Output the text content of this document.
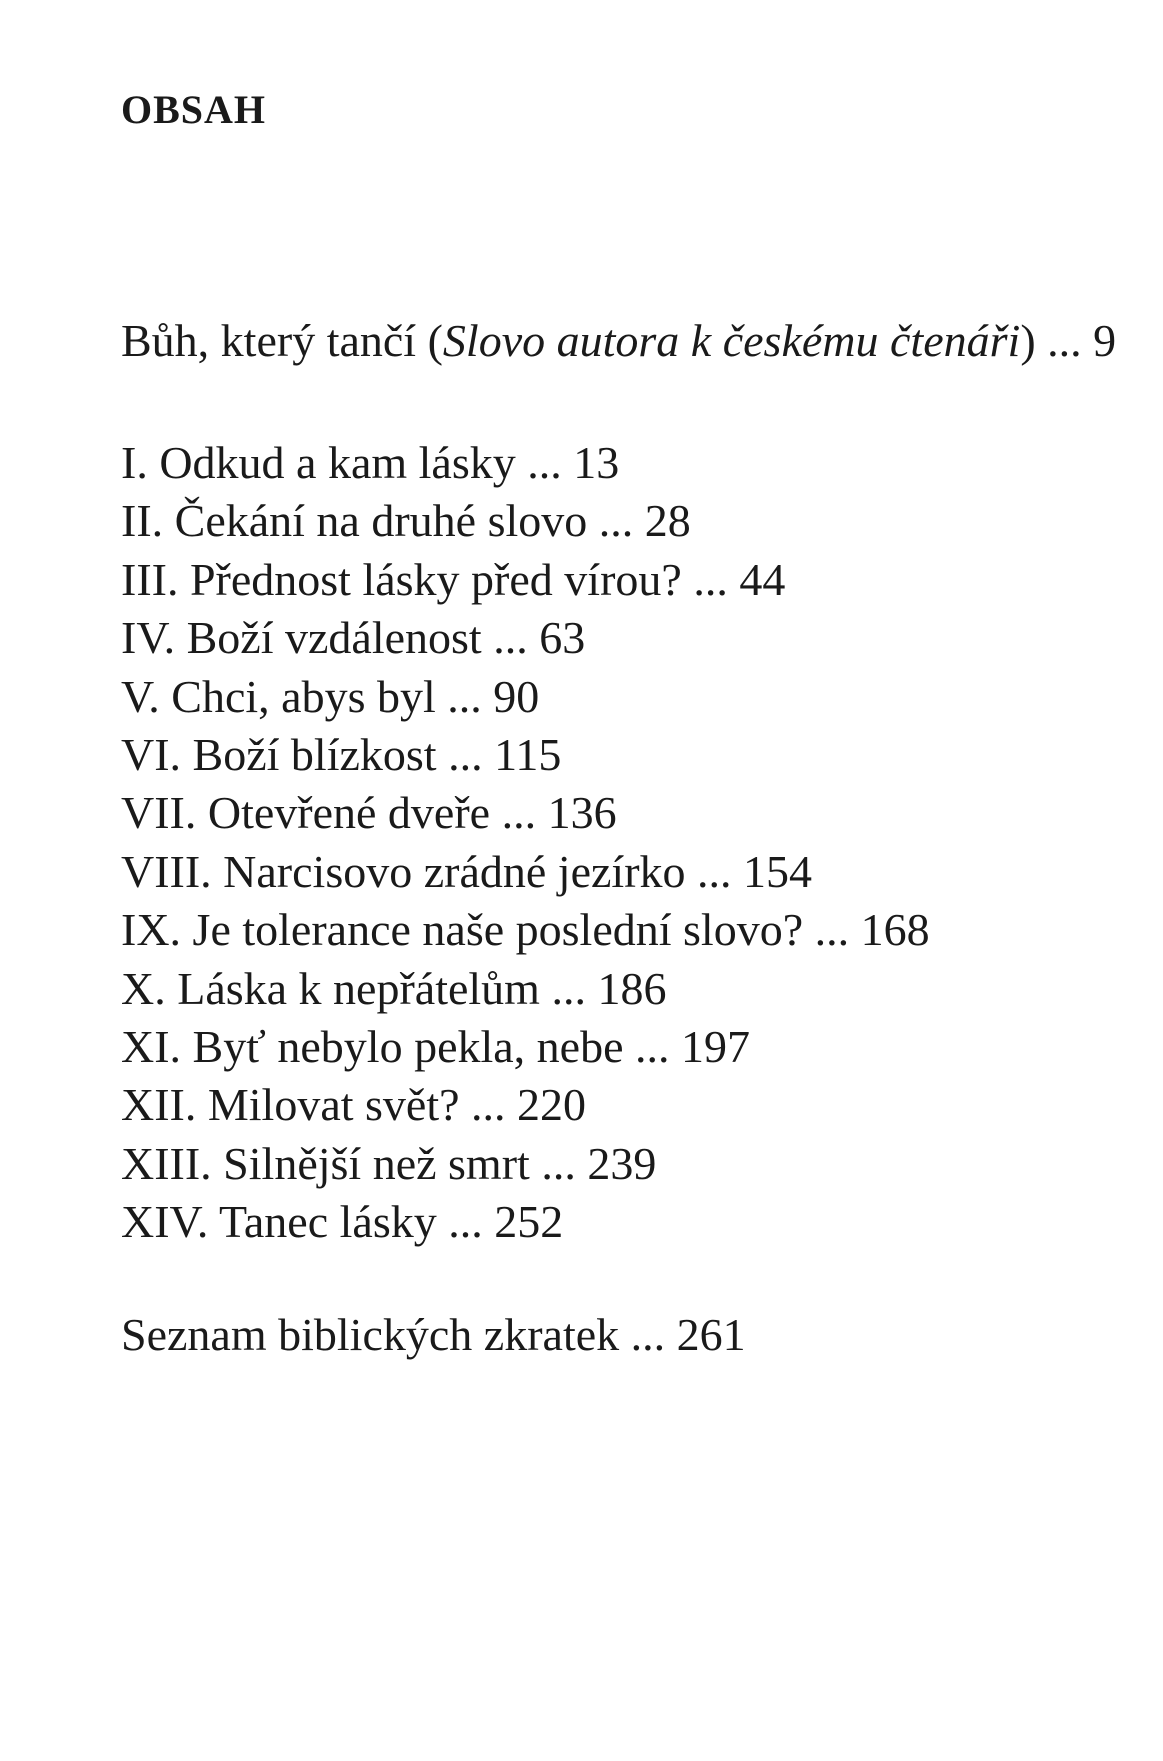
OBSAH
Bůh, který tančí (Slovo autora k českému čtenáři) ... 9
I. Odkud a kam lásky ... 13
II. Čekání na druhé slovo ... 28
III. Přednost lásky před vírou? ... 44
IV. Boží vzdálenost ... 63
V. Chci, abys byl ... 90
VI. Boží blízkost ... 115
VII. Otevřené dveře ... 136
VIII. Narcisovo zrádné jezírko ... 154
IX. Je tolerance naše poslední slovo? ... 168
X. Láska k nepřátelům ... 186
XI. Byť nebylo pekla, nebe ... 197
XII. Milovat svět? ... 220
XIII. Silnější než smrt ... 239
XIV. Tanec lásky ... 252
Seznam biblických zkratek ... 261
